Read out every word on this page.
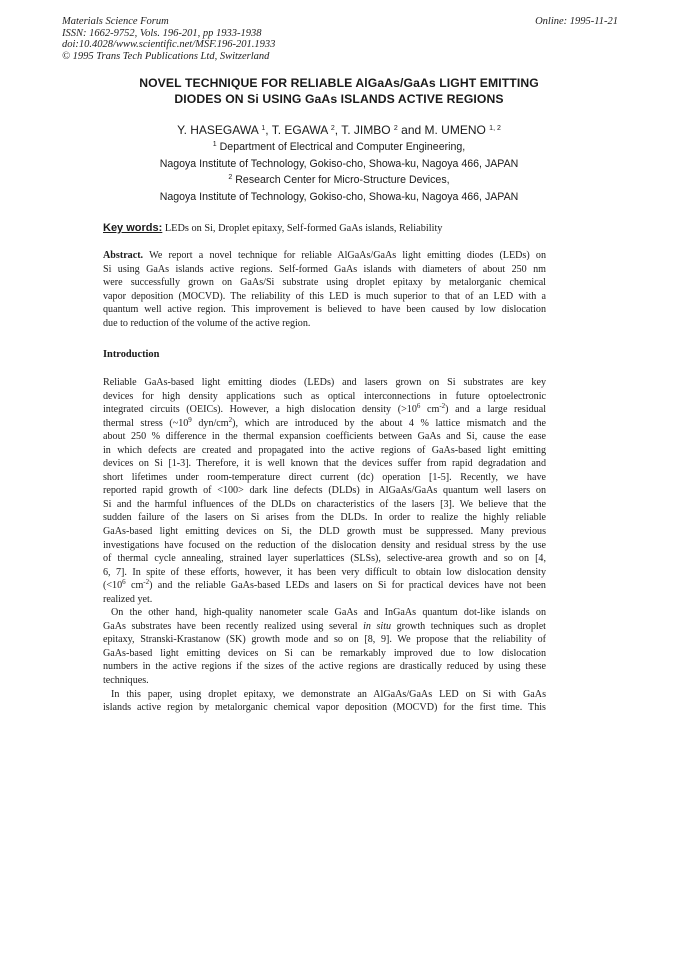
Materials Science Forum
ISSN: 1662-9752, Vols. 196-201, pp 1933-1938
doi:10.4028/www.scientific.net/MSF.196-201.1933
© 1995 Trans Tech Publications Ltd, Switzerland
Online: 1995-11-21
NOVEL TECHNIQUE FOR RELIABLE AlGaAs/GaAs LIGHT EMITTING
DIODES ON Si USING GaAs ISLANDS ACTIVE REGIONS
Y. HASEGAWA $^1$, T. EGAWA $^2$, T. JIMBO $^2$ and M. UMENO $^{1, 2}$
$^1$ Department of Electrical and Computer Engineering,
Nagoya Institute of Technology, Gokiso-cho, Showa-ku, Nagoya 466, JAPAN
$^2$ Research Center for Micro-Structure Devices,
Nagoya Institute of Technology, Gokiso-cho, Showa-ku, Nagoya 466, JAPAN
Key words: LEDs on Si, Droplet epitaxy, Self-formed GaAs islands, Reliability
Abstract. We report a novel technique for reliable AlGaAs/GaAs light emitting diodes (LEDs) on
Si using GaAs islands active regions. Self-formed GaAs islands with diameters of about 250 nm
were successfully grown on GaAs/Si substrate using droplet epitaxy by metalorganic chemical
vapor deposition (MOCVD). The reliability of this LED is much superior to that of an LED with a
quantum well active region. This improvement is believed to have been caused by low dislocation
due to reduction of the volume of the active region.
Introduction

Reliable GaAs-based light emitting diodes (LEDs) and lasers grown on Si substrates are key
devices for high density applications such as optical interconnections in future optoelectronic
integrated circuits (OEICs). However, a high dislocation density ($>10^6$ $cm^{-2}$) and a large residual
thermal stress ($\sim 10^9$ dyn/$cm^2$), which are introduced by the about 4 % lattice mismatch and the
about 250 % difference in the thermal expansion coefficients between GaAs and Si, cause the ease
in which defects are created and propagated into the active regions of GaAs-based light emitting
devices on Si [1-3]. Therefore, it is well known that the devices suffer from rapid degradation and
short lifetimes under room-temperature direct current (dc) operation [1-5]. Recently, we have
reported rapid growth of <100> dark line defects (DLDs) in AlGaAs/GaAs quantum well lasers on
Si and the harmful influences of the DLDs on characteristics of the lasers [3]. We believe that the
sudden failure of the lasers on Si arises from the DLDs. In order to realize the highly reliable
GaAs-based light emitting devices on Si, the DLD growth must be suppressed. Many previous
investigations have focused on the reduction of the dislocation density and residual stress by the use
of thermal cycle annealing, strained layer superlattices (SLSs), selective-area growth and so on [4,
6, 7]. In spite of these efforts, however, it has been very difficult to obtain low dislocation density
($<10^6$ $cm^{-2}$) and the reliable GaAs-based LEDs and lasers on Si for practical devices have not been
realized yet.

On the other hand, high-quality nanometer scale GaAs and InGaAs quantum dot-like islands on
GaAs substrates have been recently realized using several in situ growth techniques such as droplet
epitaxy, Stranski-Krastanow (SK) growth mode and so on [8, 9]. We propose that the reliability of
GaAs-based light emitting devices on Si can be remarkably improved due to low dislocation
numbers in the active regions if the sizes of the active regions are drastically reduced by using these
techniques.

In this paper, using droplet epitaxy, we demonstrate an AlGaAs/GaAs LED on Si with GaAs
islands active region by metalorganic chemical vapor deposition (MOCVD) for the first time. This
